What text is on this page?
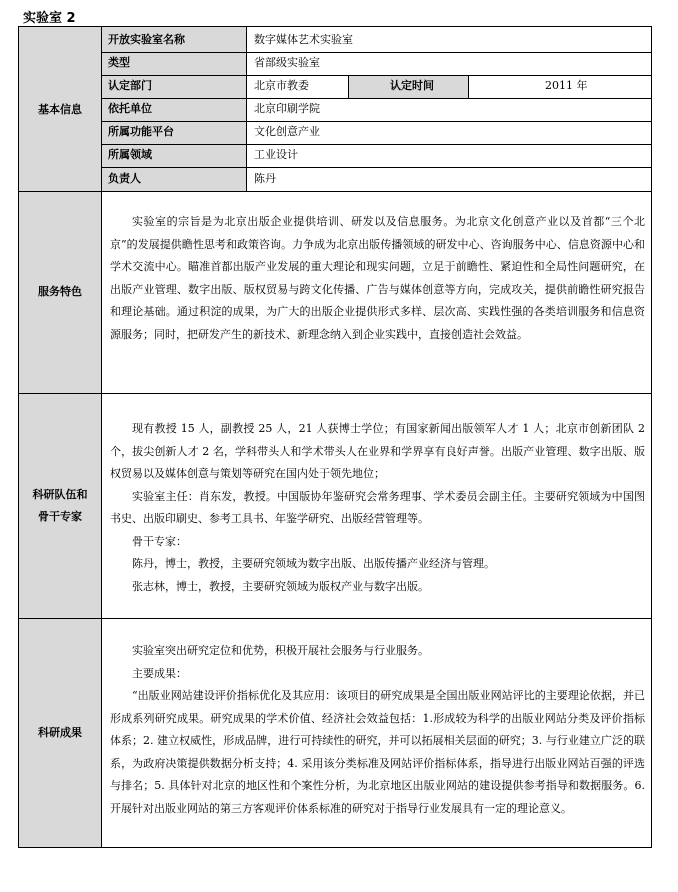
实验室 2
基本信息
开放实验室名称	数字媒体艺术实验室
类型	省部级实验室
认定部门	北京市教委	认定时间	2011 年
依托单位	北京印刷学院
所属功能平台	文化创意产业
所属领域	工业设计
负责人	陈丹
服务特色

实验室的宗旨是为北京出版企业提供培训、研发以及信息服务。为北京文化创意产业以及首都“三个北京”的发展提供瞻性思考和政策咨询。力争成为北京出版传播领域的研发中心、咨询服务中心、信息资源中心和学术交流中心。瞄准首都出版产业发展的重大理论和现实问题，立足于前瞻性、紧迫性和全局性问题研究，在出版产业管理、数字出版、版权贸易与跨文化传播、广告与媒体创意等方向，完成攻关，提供前瞻性研究报告和理论基础。通过积淀的成果，为广大的出版企业提供形式多样、层次高、实践性强的各类培训服务和信息资源服务；同时，把研发产生的新技术、新理念纳入到企业实践中，直接创造社会效益。

科研队伍和
骨干专家

现有教授 15 人，副教授 25 人，21 人获博士学位；有国家新闻出版领军人才 1 人；北京市创新团队 2 个，拔尖创新人才 2 名，学科带头人和学术带头人在业界和学界享有良好声誉。出版产业管理、数字出版、版权贸易以及媒体创意与策划等研究在国内处于领先地位；

实验室主任：肖东发，教授。中国版协年鉴研究会常务理事、学术委员会副主任。主要研究领域为中国图书史、出版印刷史、参考工具书、年鉴学研究、出版经营管理等。

骨干专家：

陈丹，博士，教授，主要研究领域为数字出版、出版传播产业经济与管理。

张志林，博士，教授，主要研究领域为版权产业与数字出版。

科研成果

实验室突出研究定位和优势，积极开展社会服务与行业服务。

主要成果：

“出版业网站建设评价指标优化及其应用：该项目的研究成果是全国出版业网站评比的主要理论依据，并已形成系列研究成果。研究成果的学术价值、经济社会效益包括：1.形成较为科学的出版业网站分类及评价指标体系；2. 建立权威性，形成品牌，进行可持续性的研究，并可以拓展相关层面的研究；3. 与行业建立广泛的联系，为政府决策提供数据分析支持；4. 采用该分类标准及网站评价指标体系，指导进行出版业网站百强的评选与排名；5. 具体针对北京的地区性和个案性分析，为北京地区出版业网站的建设提供参考指导和数据服务。6. 开展针对出版业网站的第三方客观评价体系标准的研究对于指导行业发展具有一定的理论意义。
